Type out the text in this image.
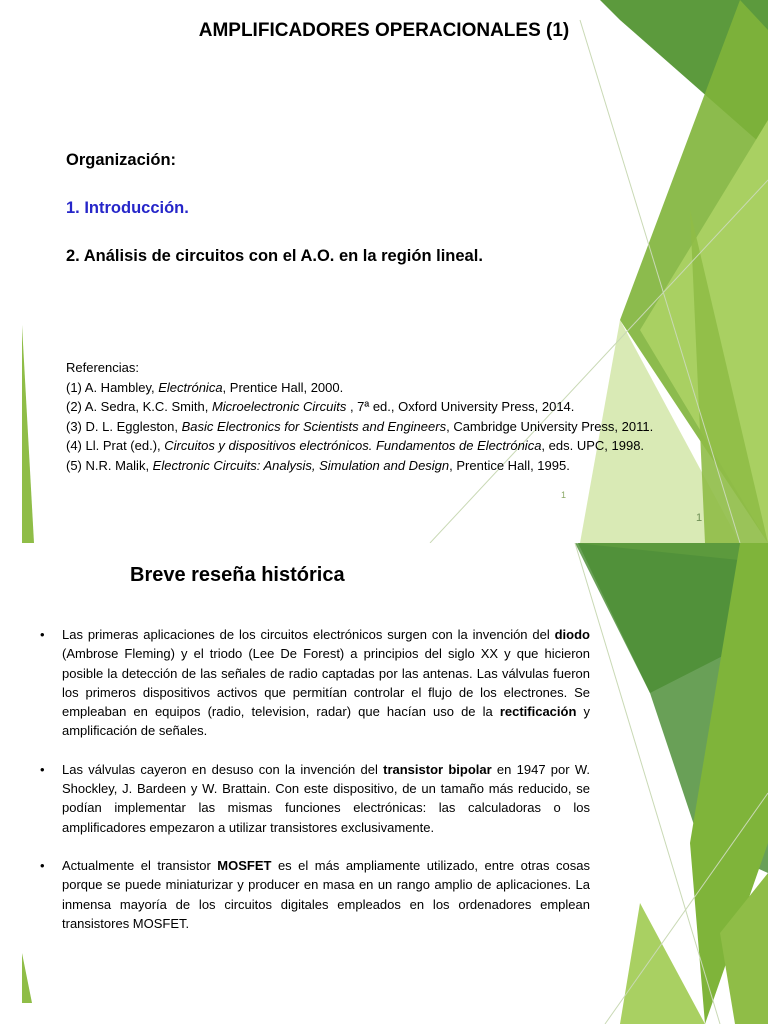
AMPLIFICADORES OPERACIONALES (1)

Organización:

1. Introducción.

2. Análisis de circuitos con el A.O. en la región lineal.

Referencias:
(1) A. Hambley, Electrónica, Prentice Hall, 2000.
(2) A. Sedra, K.C. Smith, Microelectronic Circuits , 7ª ed., Oxford University Press, 2014.
(3) D. L. Eggleston, Basic Electronics for Scientists and Engineers, Cambridge University Press, 2011.
(4) Ll. Prat (ed.), Circuitos y dispositivos electrónicos. Fundamentos de Electrónica, eds. UPC, 1998.
(5) N.R. Malik, Electronic Circuits: Analysis, Simulation and Design, Prentice Hall, 1995.
1
1
Breve reseña histórica
• Las primeras aplicaciones de los circuitos electrónicos surgen con la invención del diodo (Ambrose Fleming) y el triodo (Lee De Forest) a principios del siglo XX y que hicieron posible la detección de las señales de radio captadas por las antenas. Las válvulas fueron los primeros dispositivos activos que permitían controlar el flujo de los electrones. Se empleaban en equipos (radio, television, radar) que hacían uso de la rectificación y amplificación de señales.
• Las válvulas cayeron en desuso con la invención del transistor bipolar en 1947 por W. Shockley, J. Bardeen y W. Brattain. Con este dispositivo, de un tamaño más reducido, se podían implementar las mismas funciones electrónicas: las calculadoras o los amplificadores empezaron a utilizar transistores exclusivamente.
• Actualmente el transistor MOSFET es el más ampliamente utilizado, entre otras cosas porque se puede miniaturizar y producer en masa en un rango amplio de aplicaciones. La inmensa mayoría de los circuitos digitales empleados en los ordenadores emplean transistores MOSFET.
